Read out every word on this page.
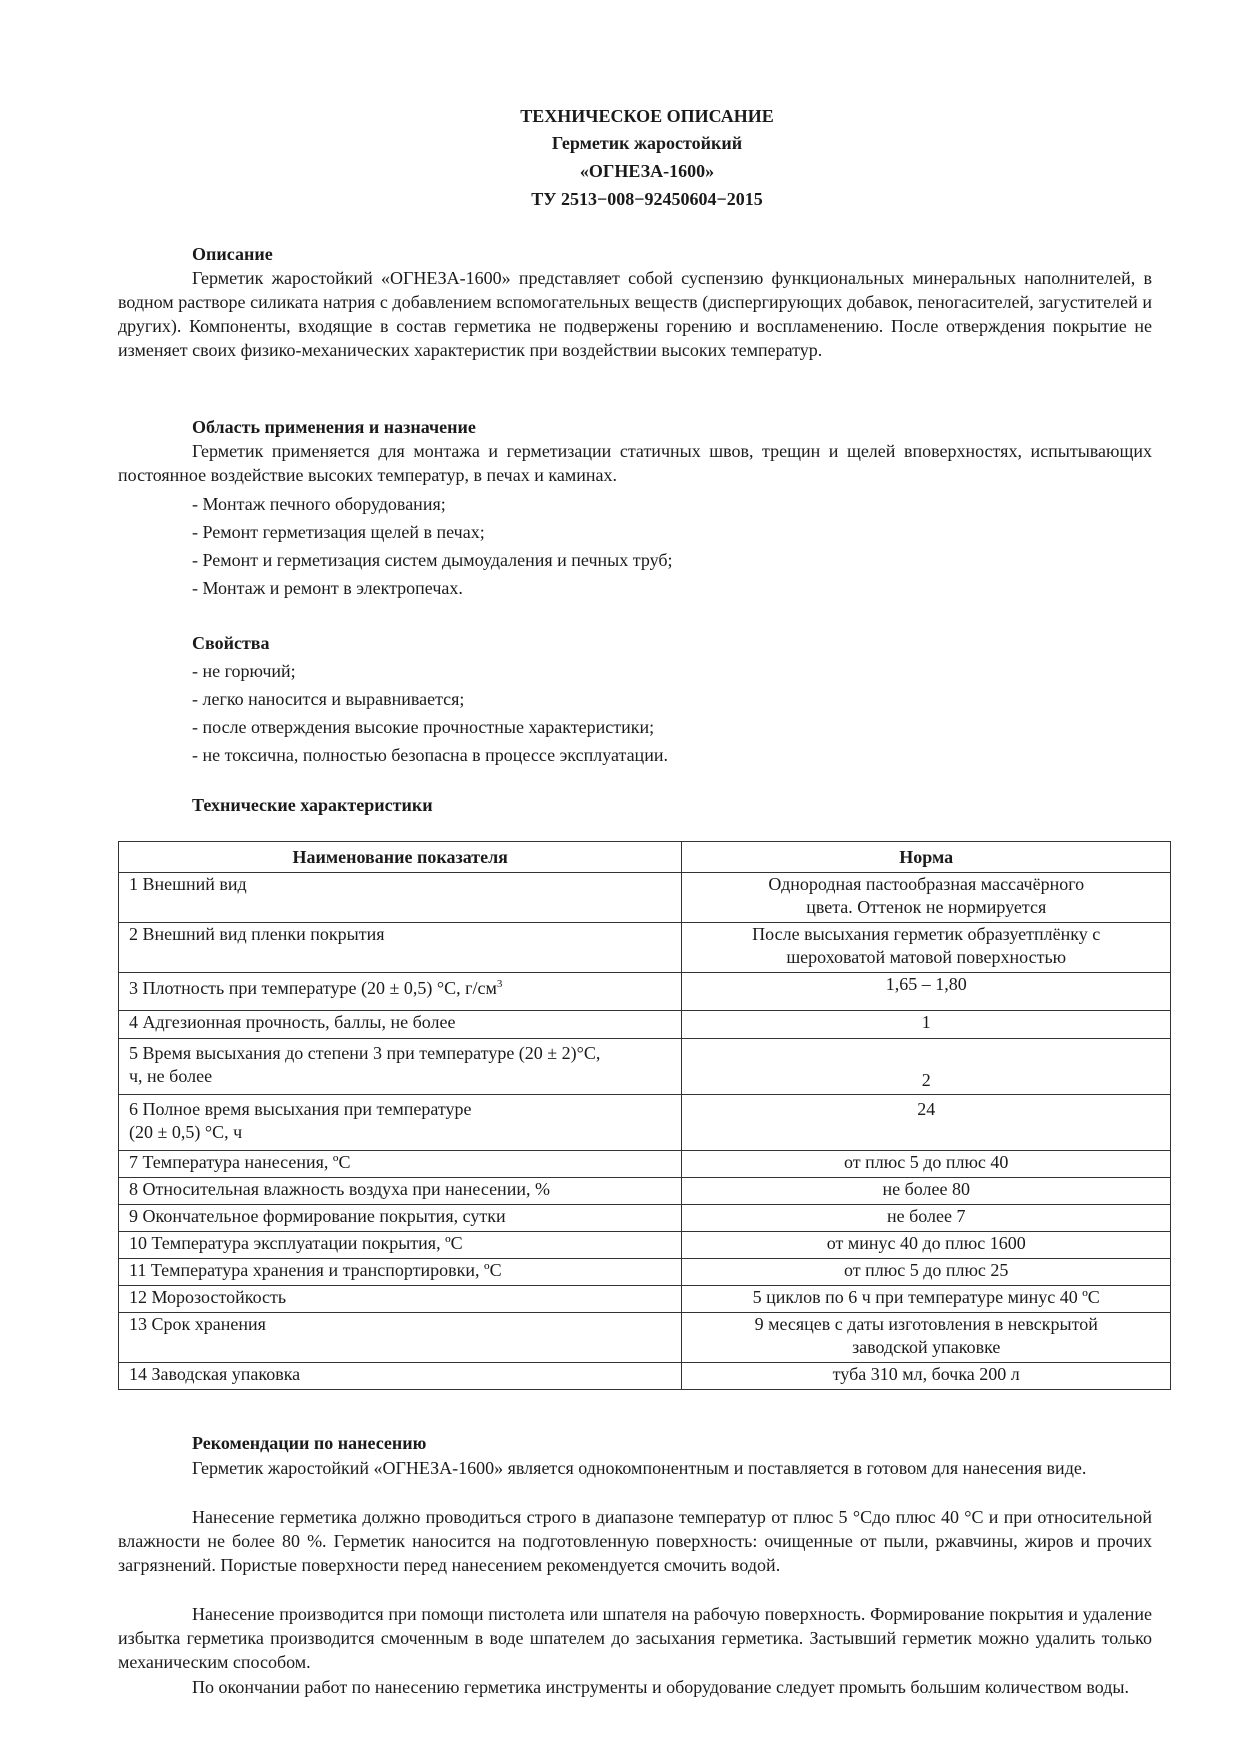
ТЕХНИЧЕСКОЕ ОПИСАНИЕ

Герметик жаростойкий

«ОГНЕЗА-1600»

ТУ 2513−008−92450604−2015

Описание

Герметик жаростойкий «ОГНЕЗА-1600» представляет собой суспензию функциональных минеральных наполнителей, в водном растворе силиката натрия с добавлением вспомогательных веществ (диспергирующих добавок, пеногасителей, загустителей и других). Компоненты, входящие в состав герметика не подвержены горению и воспламенению. После отверждения покрытие не изменяет своих физико-механических характеристик при воздействии высоких температур.

Область применения и назначение

Герметик применяется для монтажа и герметизации статичных швов, трещин и щелей вповерхностях, испытывающих постоянное воздействие высоких температур, в печах и каминах.

- Монтаж печного оборудования;

- Ремонт герметизация щелей в печах;

- Ремонт и герметизация систем дымоудаления и печных труб;

- Монтаж и ремонт в электропечах.

Свойства

- не горючий;

- легко наносится и выравнивается;

- после отверждения высокие прочностные характеристики;

- не токсична, полностью безопасна в процессе эксплуатации.

Технические характеристики

Наименование показателя	Норма
1 Внешний вид	Однородная пастообразная массачёрного
цвета. Оттенок не нормируется
2 Внешний вид пленки покрытия	После высыхания герметик образуетплёнку с
шероховатой матовой поверхностью
3 Плотность при температуре (20 ± 0,5) °С, $г/см^3$	1,65 – 1,80
4 Адгезионная прочность, баллы, не более	1
5 Время высыхания до степени 3 при температуре (20 ± 2)°С,
ч, не более	2
6 Полное время высыхания при температуре
(20 ± 0,5) °С, ч	24
7 Температура нанесения, ºС	от плюс 5 до плюс 40
8 Относительная влажность воздуха при нанесении, %	не более 80
9 Окончательное формирование покрытия, сутки	не более 7
10 Температура эксплуатации покрытия, ºС	от минус 40 до плюс 1600
11 Температура хранения и транспортировки, ºС	от плюс 5 до плюс 25
12 Морозостойкость	5 циклов по 6 ч при температуре минус 40 ºС
13 Срок хранения	9 месяцев с даты изготовления в невскрытой
заводской упаковке
14 Заводская упаковка	туба 310 мл, бочка 200 л

Рекомендации по нанесению

Герметик жаростойкий «ОГНЕЗА-1600» является однокомпонентным и поставляется в готовом для нанесения виде.

Нанесение герметика должно проводиться строго в диапазоне температур от плюс 5 °Сдо плюс 40 °С и при относительной влажности не более 80 %. Герметик наносится на подготовленную поверхность: очищенные от пыли, ржавчины, жиров и прочих загрязнений. Пористые поверхности перед нанесением рекомендуется смочить водой.

Нанесение производится при помощи пистолета или шпателя на рабочую поверхность. Формирование покрытия и удаление избытка герметика производится смоченным в воде шпателем до засыхания герметика. Застывший герметик можно удалить только механическим способом.

По окончании работ по нанесению герметика инструменты и оборудование следует промыть большим количеством воды.
